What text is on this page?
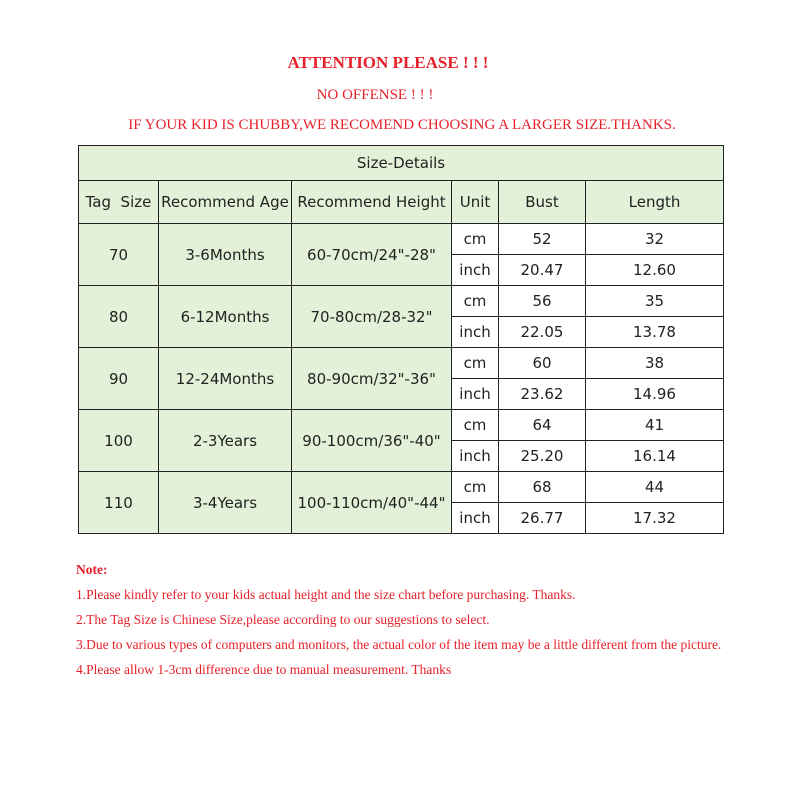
ATTENTION PLEASE ! ! !
NO OFFENSE ! ! !
IF YOUR KID IS CHUBBY,WE RECOMEND CHOOSING A LARGER SIZE.THANKS.
Size-Details					
Tag  Size	Recommend Age	Recommend Height	Unit	Bust	Length
70	3-6Months	60-70cm/24"-28"	cm	52	32
			inch	20.47	12.60
80	6-12Months	70-80cm/28-32"	cm	56	35
			inch	22.05	13.78
90	12-24Months	80-90cm/32"-36"	cm	60	38
			inch	23.62	14.96
100	2-3Years	90-100cm/36"-40"	cm	64	41
			inch	25.20	16.14
110	3-4Years	100-110cm/40"-44"	cm	68	44
			inch	26.77	17.32
Note:
1.Please kindly refer to your kids actual height and the size chart before purchasing. Thanks.
2.The Tag Size is Chinese Size,please according to our suggestions to select.
3.Due to various types of computers and monitors, the actual color of the item may be a little different from the picture.
4.Please allow 1-3cm difference due to manual measurement. Thanks
